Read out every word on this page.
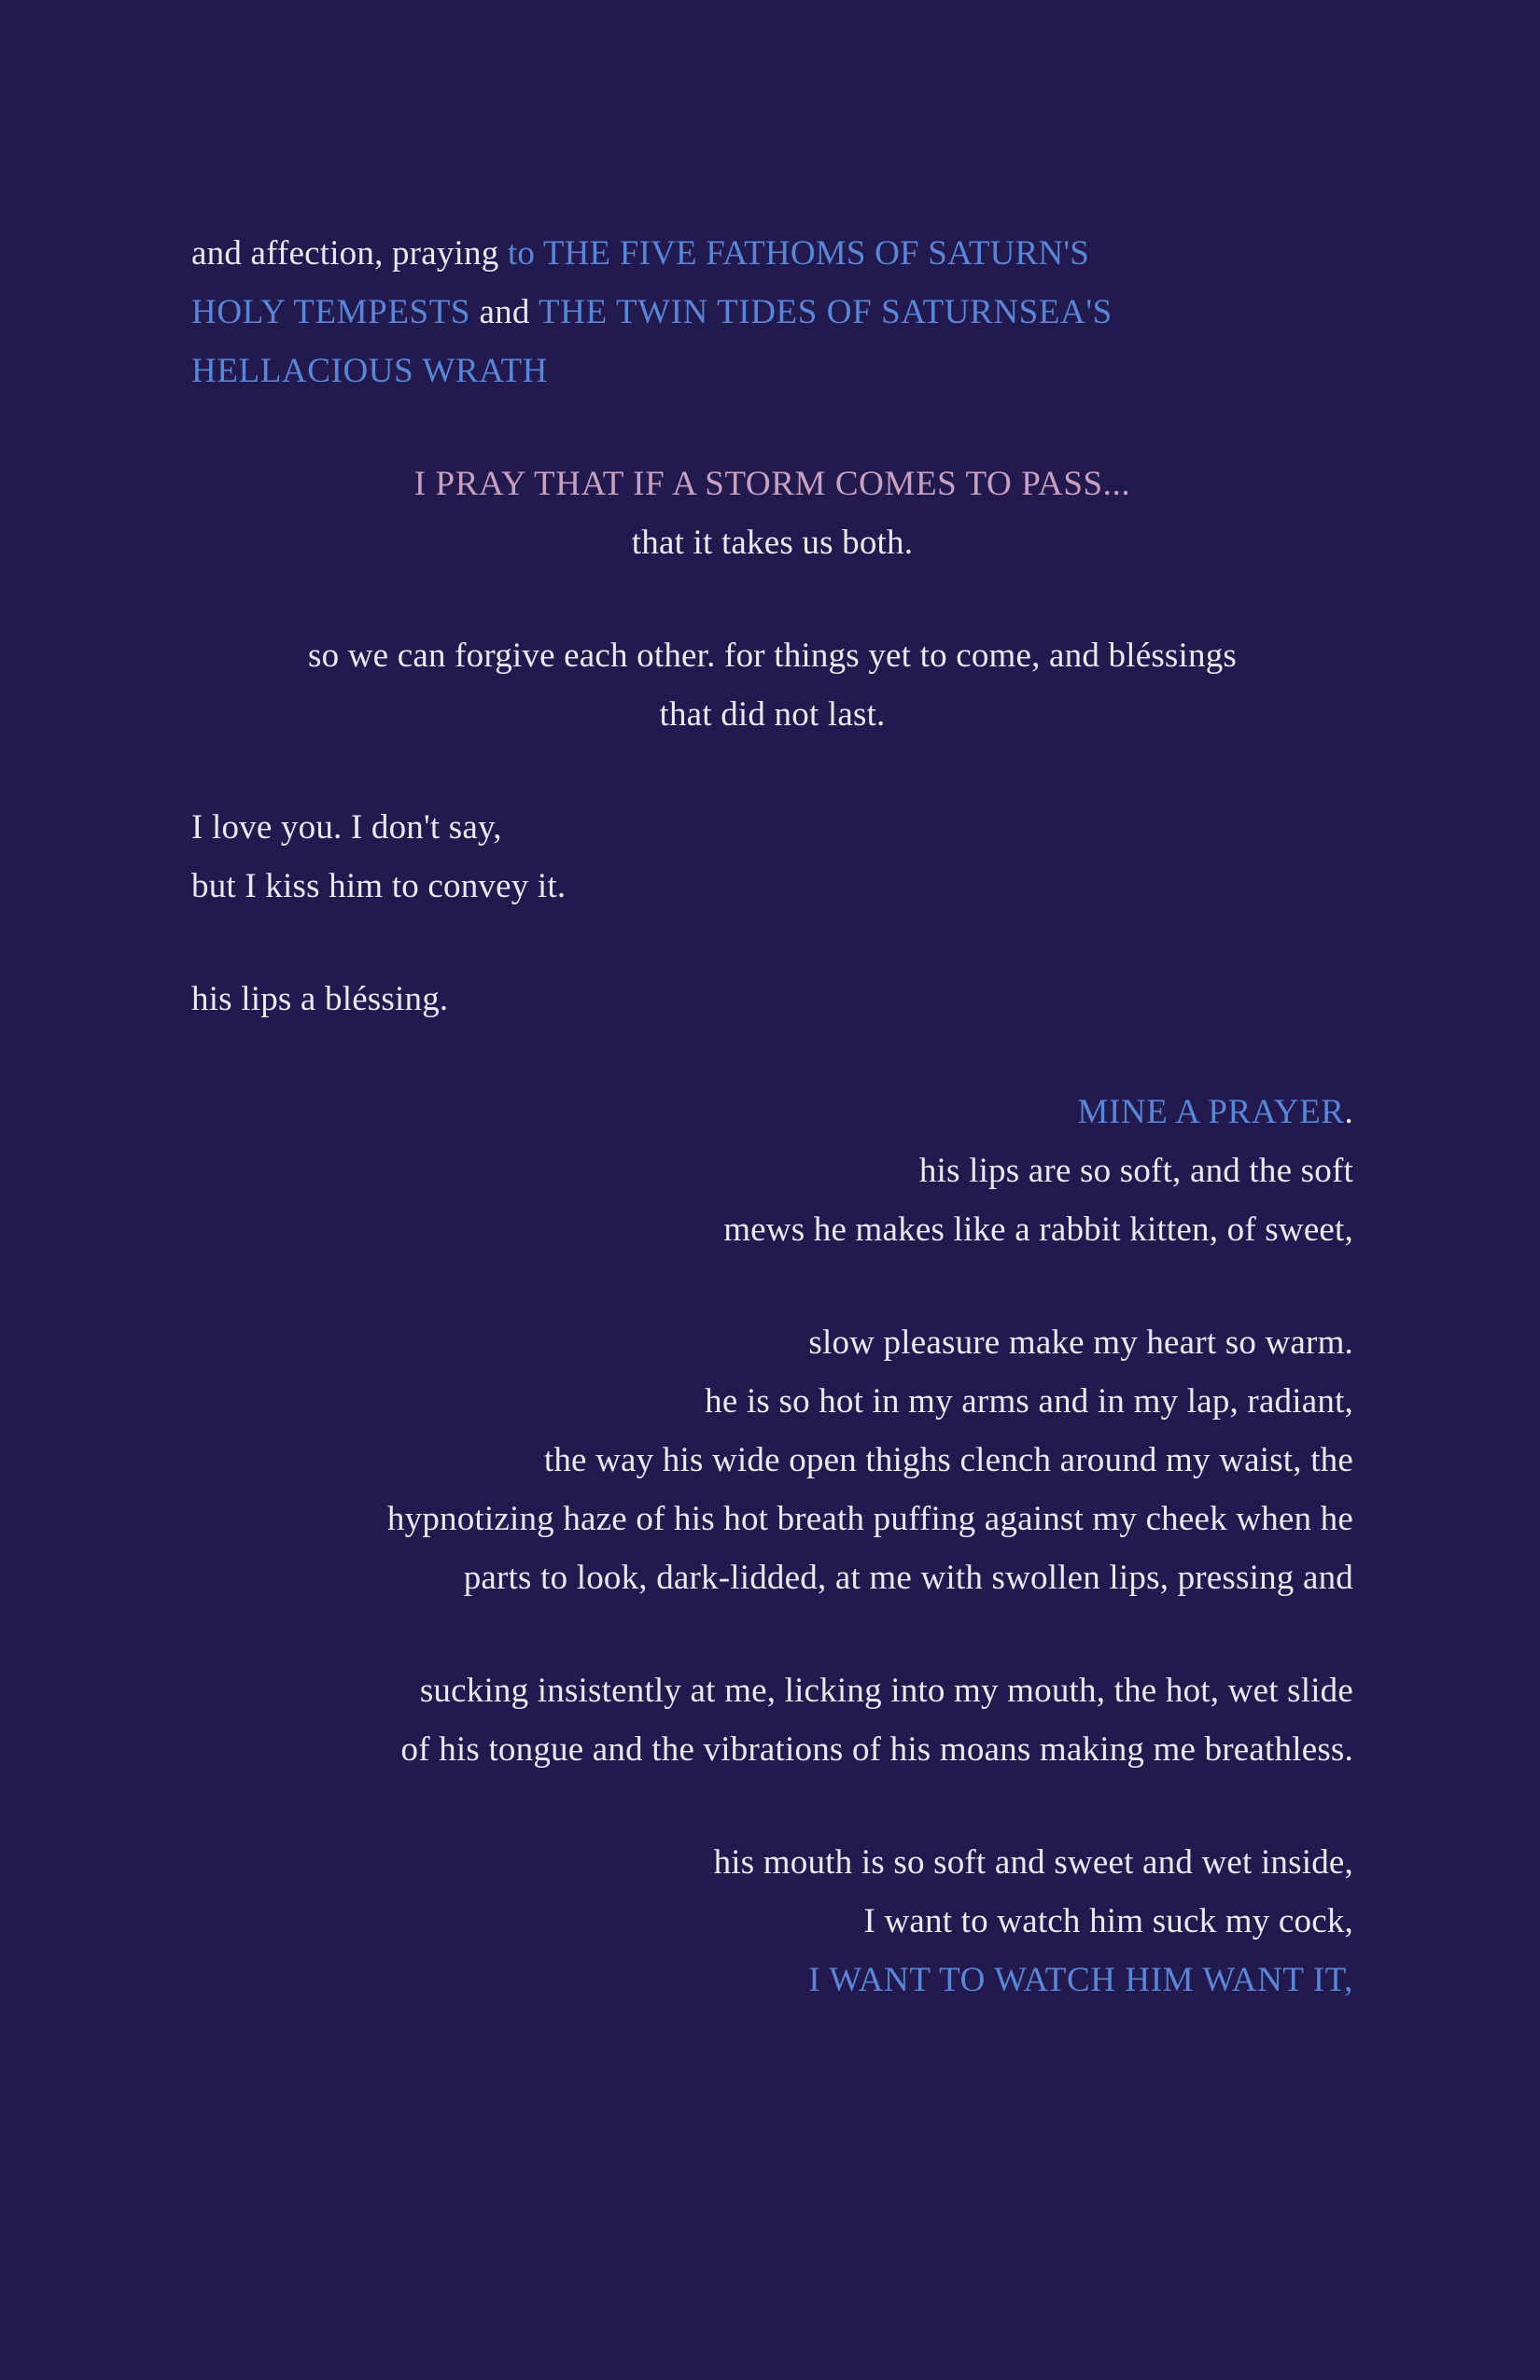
and affection, praying to THE FIVE FATHOMS OF SATURN'S
HOLY TEMPESTS and THE TWIN TIDES OF SATURNSEA'S
HELLACIOUS WRATH
I PRAY THAT IF A STORM COMES TO PASS...
that it takes us both.
so we can forgive each other. for things yet to come, and bléssings
that did not last.
I love you. I don't say,
but I kiss him to convey it.
his lips a bléssing.
MINE A PRAYER.
his lips are so soft, and the soft
mews he makes like a rabbit kitten, of sweet,
slow pleasure make my heart so warm.
he is so hot in my arms and in my lap, radiant,
the way his wide open thighs clench around my waist, the
hypnotizing haze of his hot breath puffing against my cheek when he
parts to look, dark-lidded, at me with swollen lips, pressing and
sucking insistently at me, licking into my mouth, the hot, wet slide
of his tongue and the vibrations of his moans making me breathless.
his mouth is so soft and sweet and wet inside,
I want to watch him suck my cock,
I WANT TO WATCH HIM WANT IT,
